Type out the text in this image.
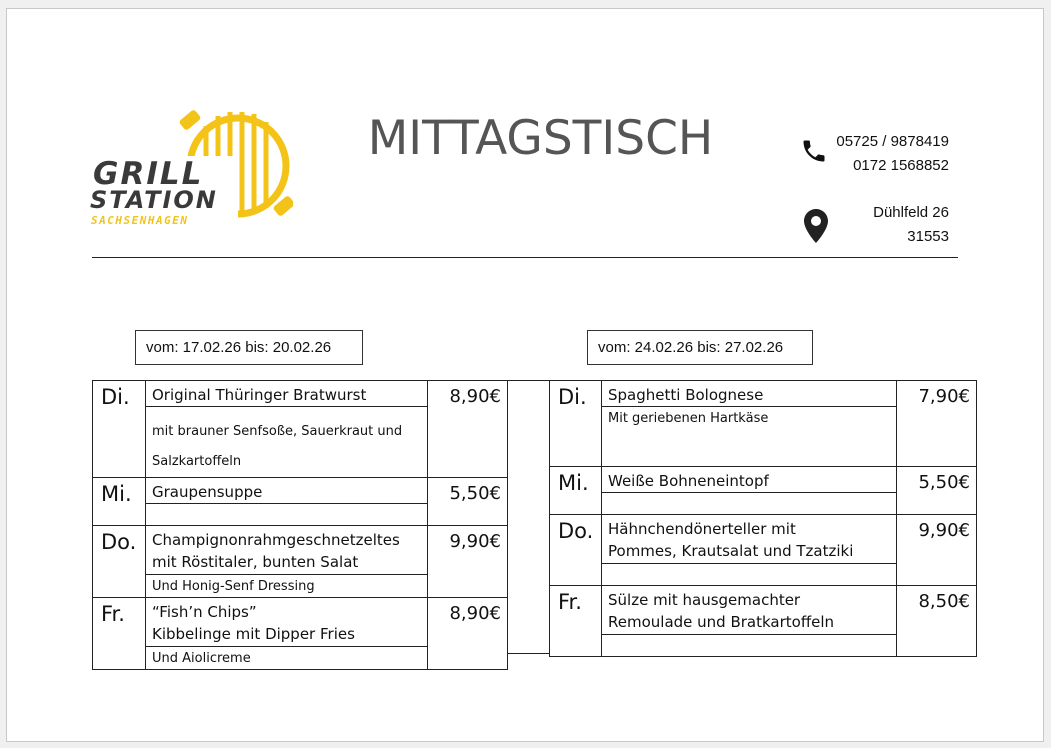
GRILL
STATION
SACHSENHAGEN
MITTAGSTISCH	05725 / 9878419
0172 1568852
Dühlfeld 26
31553
vom: 17.02.26 bis: 20.02.26	vom: 24.02.26 bis: 27.02.26
Di.	Original Thüringer Bratwurst	8,90€

	mit brauner Senfsoße, Sauerkraut und
Salzkartoffeln	

Mi.	Graupensuppe	5,50€

Do.	Champignonrahmgeschnetzeltes
mit Röstitaler, bunten Salat	9,90€
	Und Honig-Senf Dressing	
Fr.	“Fish’n Chips”
Kibbelinge mit Dipper Fries	8,90€
	Und Aiolicreme	
Di.	Spaghetti Bolognese	7,90€
	Mit geriebenen Hartkäse	
Mi.	Weiße Bohneneintopf	5,50€

Do.	Hähnchendönerteller mit
Pommes, Krautsalat und Tzatziki	9,90€

Fr.	Sülze mit hausgemachter
Remoulade und Bratkartoffeln	8,50€
